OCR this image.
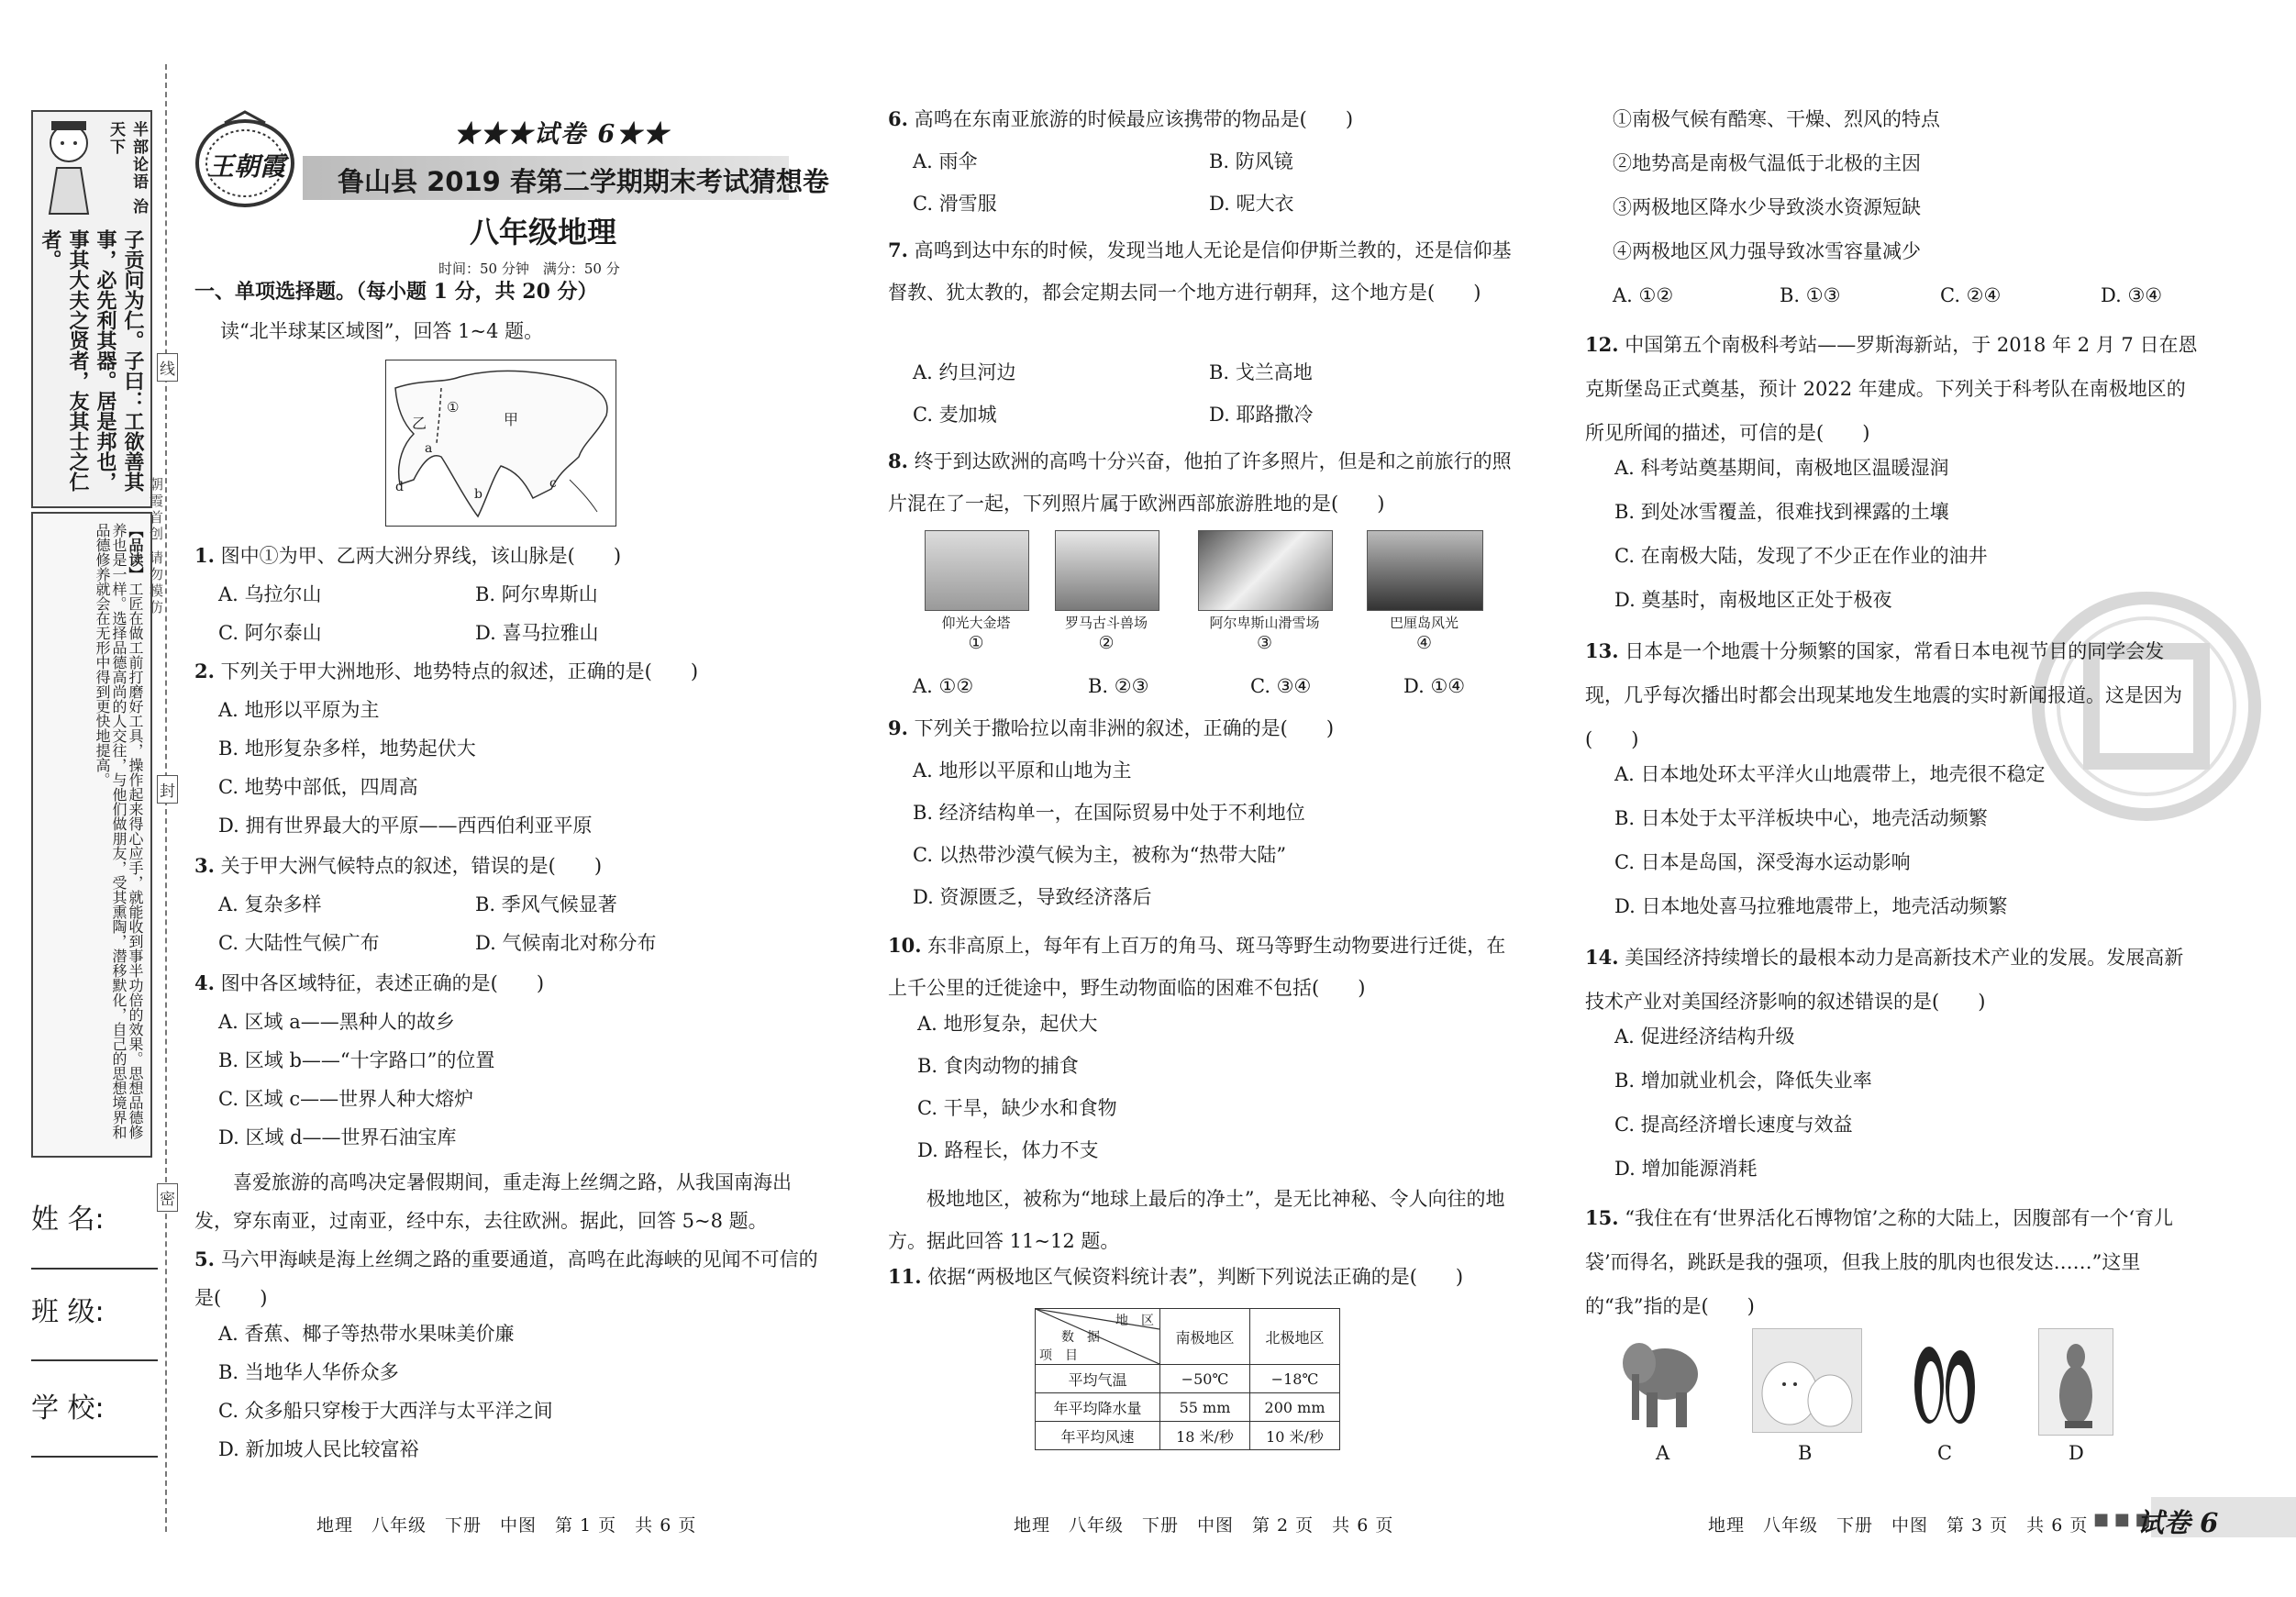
半部论语 治天下
子贡问为仁。子曰：工欲善其事，必先利其器。居是邦也，事其大夫之贤者，友其士之仁者。
【品读】工匠在做工前打磨好工具，操作起来得心应手，就能收到事半功倍的效果。思想品德修养也是一样。选择品德高尚的人交往，与他们做朋友，受其熏陶，潜移默化，自己的思想境界和品德修养就会在无形中得到更快地提高。
线
封
密
朝霞首创 请勿模仿
姓 名:
班 级:
学 校:
王朝霞
★★★试卷 6★★
鲁山县 2019 春第二学期期末考试猜想卷
八年级地理
时间：50 分钟　满分：50 分
一、单项选择题。（每小题 1 分，共 20 分）
读“北半球某区域图”，回答 1~4 题。
甲
乙
①
a
b
c
d
1. 图中①为甲、乙两大洲分界线，该山脉是(　　)
A. 乌拉尔山	B. 阿尔卑斯山
C. 阿尔泰山	D. 喜马拉雅山
2. 下列关于甲大洲地形、地势特点的叙述，正确的是(　　)
A. 地形以平原为主
B. 地形复杂多样，地势起伏大
C. 地势中部低，四周高
D. 拥有世界最大的平原——西西伯利亚平原
3. 关于甲大洲气候特点的叙述，错误的是(　　)
A. 复杂多样	B. 季风气候显著
C. 大陆性气候广布	D. 气候南北对称分布
4. 图中各区域特征，表述正确的是(　　)
A. 区域 a——黑种人的故乡
B. 区域 b——“十字路口”的位置
C. 区域 c——世界人种大熔炉
D. 区域 d——世界石油宝库
喜爱旅游的高鸣决定暑假期间，重走海上丝绸之路，从我国南海出发，穿东南亚，过南亚，经中东，去往欧洲。据此，回答 5~8 题。
5. 马六甲海峡是海上丝绸之路的重要通道，高鸣在此海峡的见闻不可信的是(　　)
A. 香蕉、椰子等热带水果味美价廉
B. 当地华人华侨众多
C. 众多船只穿梭于大西洋与太平洋之间
D. 新加坡人民比较富裕
地理　八年级　下册　中图　第 1 页　共 6 页
6. 高鸣在东南亚旅游的时候最应该携带的物品是(　　)
A. 雨伞	B. 防风镜
C. 滑雪服	D. 呢大衣
7. 高鸣到达中东的时候，发现当地人无论是信仰伊斯兰教的，还是信仰基督教、犹太教的，都会定期去同一个地方进行朝拜，这个地方是(　　)
A. 约旦河边	B. 戈兰高地
C. 麦加城	D. 耶路撒冷
8. 终于到达欧洲的高鸣十分兴奋，他拍了许多照片，但是和之前旅行的照片混在了一起，下列照片属于欧洲西部旅游胜地的是(　　)
仰光大金塔
①
罗马古斗兽场
②
阿尔卑斯山滑雪场
③
巴厘岛风光
④
A. ①②	B. ②③	C. ③④	D. ①④
9. 下列关于撒哈拉以南非洲的叙述，正确的是(　　)
A. 地形以平原和山地为主
B. 经济结构单一，在国际贸易中处于不利地位
C. 以热带沙漠气候为主，被称为“热带大陆”
D. 资源匮乏，导致经济落后
10. 东非高原上，每年有上百万的角马、斑马等野生动物要进行迁徙，在上千公里的迁徙途中，野生动物面临的困难不包括(　　)
A. 地形复杂，起伏大
B. 食肉动物的捕食
C. 干旱，缺少水和食物
D. 路程长，体力不支
极地地区，被称为“地球上最后的净土”，是无比神秘、令人向往的地方。据此回答 11~12 题。
11. 依据“两极地区气候资料统计表”，判断下列说法正确的是(　　)
地　区
数　据
项　目	南极地区	北极地区
平均气温	−50℃	−18℃
年平均降水量	55 mm	200 mm
年平均风速	18 米/秒	10 米/秒
地理　八年级　下册　中图　第 2 页　共 6 页
①南极气候有酷寒、干燥、烈风的特点
②地势高是南极气温低于北极的主因
③两极地区降水少导致淡水资源短缺
④两极地区风力强导致冰雪容量减少
A. ①②	B. ①③	C. ②④	D. ③④
12. 中国第五个南极科考站——罗斯海新站，于 2018 年 2 月 7 日在恩克斯堡岛正式奠基，预计 2022 年建成。下列关于科考队在南极地区的所见所闻的描述，可信的是(　　)
A. 科考站奠基期间，南极地区温暖湿润
B. 到处冰雪覆盖，很难找到裸露的土壤
C. 在南极大陆，发现了不少正在作业的油井
D. 奠基时，南极地区正处于极夜
13. 日本是一个地震十分频繁的国家，常看日本电视节目的同学会发现，几乎每次播出时都会出现某地发生地震的实时新闻报道。这是因为(　　)
A. 日本地处环太平洋火山地震带上，地壳很不稳定
B. 日本处于太平洋板块中心，地壳活动频繁
C. 日本是岛国，深受海水运动影响
D. 日本地处喜马拉雅地震带上，地壳活动频繁
14. 美国经济持续增长的最根本动力是高新技术产业的发展。发展高新技术产业对美国经济影响的叙述错误的是(　　)
A. 促进经济结构升级
B. 增加就业机会，降低失业率
C. 提高经济增长速度与效益
D. 增加能源消耗
15. “我住在有‘世界活化石博物馆’之称的大陆上，因腹部有一个‘育儿袋’而得名，跳跃是我的强项，但我上肢的肌肉也很发达……”这里的“我”指的是(　　)
A	B	C	D
地理　八年级　下册　中图　第 3 页　共 6 页 ■ ■ ■
试卷 6
